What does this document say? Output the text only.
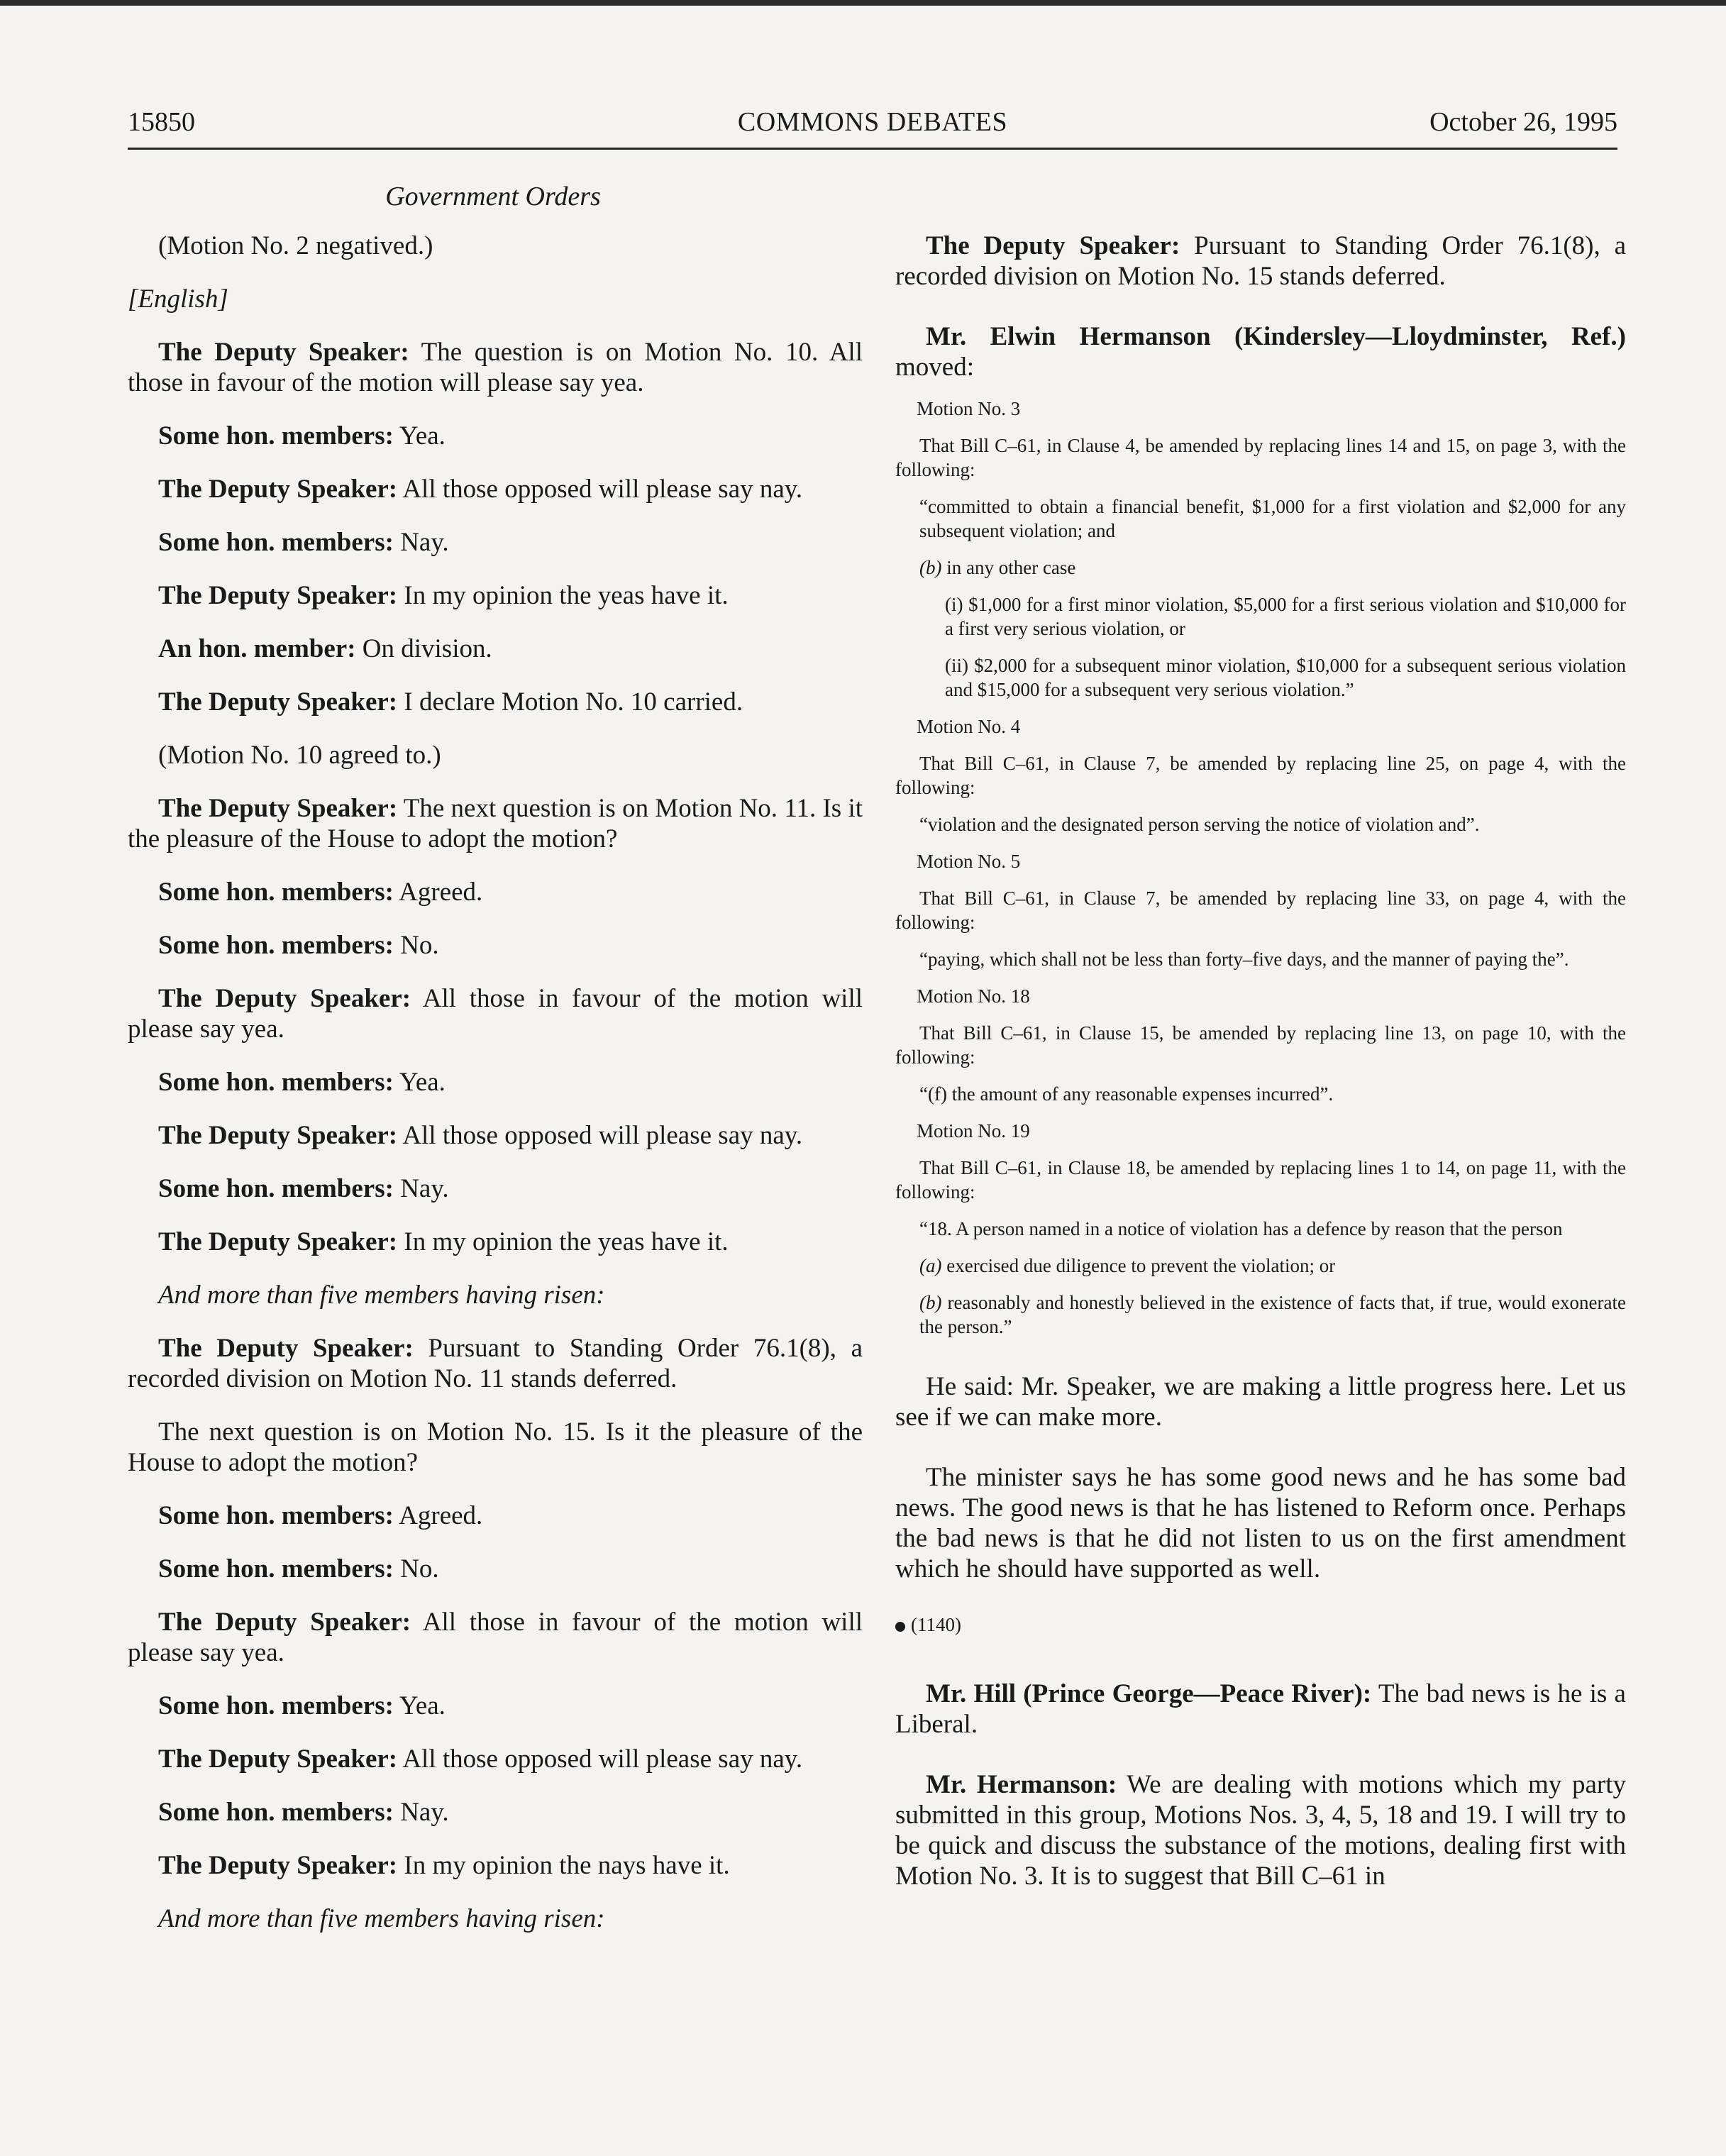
15850	COMMONS DEBATES	October 26, 1995
Government Orders

(Motion No. 2 negatived.)

[English]

The Deputy Speaker: The question is on Motion No. 10. All those in favour of the motion will please say yea.

Some hon. members: Yea.

The Deputy Speaker: All those opposed will please say nay.

Some hon. members: Nay.

The Deputy Speaker: In my opinion the yeas have it.

An hon. member: On division.

The Deputy Speaker: I declare Motion No. 10 carried.

(Motion No. 10 agreed to.)

The Deputy Speaker: The next question is on Motion No. 11. Is it the pleasure of the House to adopt the motion?

Some hon. members: Agreed.

Some hon. members: No.

The Deputy Speaker: All those in favour of the motion will please say yea.

Some hon. members: Yea.

The Deputy Speaker: All those opposed will please say nay.

Some hon. members: Nay.

The Deputy Speaker: In my opinion the yeas have it.

And more than five members having risen:

The Deputy Speaker: Pursuant to Standing Order 76.1(8), a recorded division on Motion No. 11 stands deferred.

The next question is on Motion No. 15. Is it the pleasure of the House to adopt the motion?

Some hon. members: Agreed.

Some hon. members: No.

The Deputy Speaker: All those in favour of the motion will please say yea.

Some hon. members: Yea.

The Deputy Speaker: All those opposed will please say nay.

Some hon. members: Nay.

The Deputy Speaker: In my opinion the nays have it.

And more than five members having risen:

The Deputy Speaker: Pursuant to Standing Order 76.1(8), a recorded division on Motion No. 15 stands deferred.

Mr. Elwin Hermanson (Kindersley—Lloydminster, Ref.) moved:

Motion No. 3
That Bill C–61, in Clause 4, be amended by replacing lines 14 and 15, on page 3, with the following:
“committed to obtain a financial benefit, $1,000 for a first violation and $2,000 for any subsequent violation; and
(b) in any other case
(i) $1,000 for a first minor violation, $5,000 for a first serious violation and $10,000 for a first very serious violation, or
(ii) $2,000 for a subsequent minor violation, $10,000 for a subsequent serious violation and $15,000 for a subsequent very serious violation.”
Motion No. 4
That Bill C–61, in Clause 7, be amended by replacing line 25, on page 4, with the following:
“violation and the designated person serving the notice of violation and”.
Motion No. 5
That Bill C–61, in Clause 7, be amended by replacing line 33, on page 4, with the following:
“paying, which shall not be less than forty–five days, and the manner of paying the”.
Motion No. 18
That Bill C–61, in Clause 15, be amended by replacing line 13, on page 10, with the following:
“(f) the amount of any reasonable expenses incurred”.
Motion No. 19
That Bill C–61, in Clause 18, be amended by replacing lines 1 to 14, on page 11, with the following:
“18. A person named in a notice of violation has a defence by reason that the person
(a) exercised due diligence to prevent the violation; or
(b) reasonably and honestly believed in the existence of facts that, if true, would exonerate the person.”

He said: Mr. Speaker, we are making a little progress here. Let us see if we can make more.

The minister says he has some good news and he has some bad news. The good news is that he has listened to Reform once. Perhaps the bad news is that he did not listen to us on the first amendment which he should have supported as well.

(1140)

Mr. Hill (Prince George—Peace River): The bad news is he is a Liberal.

Mr. Hermanson: We are dealing with motions which my party submitted in this group, Motions Nos. 3, 4, 5, 18 and 19. I will try to be quick and discuss the substance of the motions, dealing first with Motion No. 3. It is to suggest that Bill C–61 in
